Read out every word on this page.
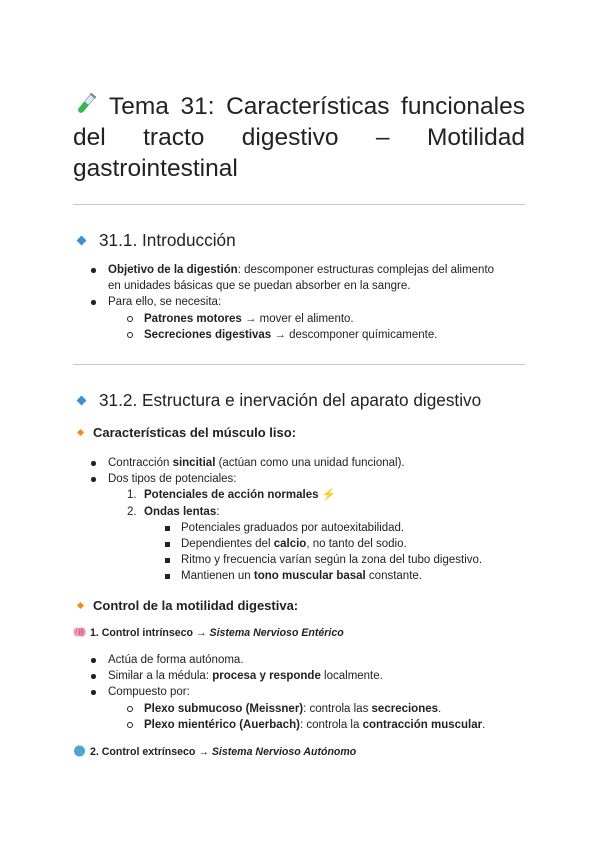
Tema 31: Características funcionales del tracto digestivo – Motilidad gastrointestinal
31.1. Introducción
Objetivo de la digestión: descomponer estructuras complejas del alimento
en unidades básicas que se puedan absorber en la sangre.
Para ello, se necesita:
Patrones motores → mover el alimento.
Secreciones digestivas → descomponer químicamente.
31.2. Estructura e inervación del aparato digestivo
Características del músculo liso:
Contracción sincitial (actúan como una unidad funcional).
Dos tipos de potenciales:
1. Potenciales de acción normales ⚡
2. Ondas lentas:
Potenciales graduados por autoexitabilidad.
Dependientes del calcio, no tanto del sodio.
Ritmo y frecuencia varían según la zona del tubo digestivo.
Mantienen un tono muscular basal constante.
Control de la motilidad digestiva:
1. Control intrínseco → Sistema Nervioso Entérico
Actúa de forma autónoma.
Similar a la médula: procesa y responde localmente.
Compuesto por:
Plexo submucoso (Meissner): controla las secreciones.
Plexo mientérico (Auerbach): controla la contracción muscular.
2. Control extrínseco → Sistema Nervioso Autónomo
